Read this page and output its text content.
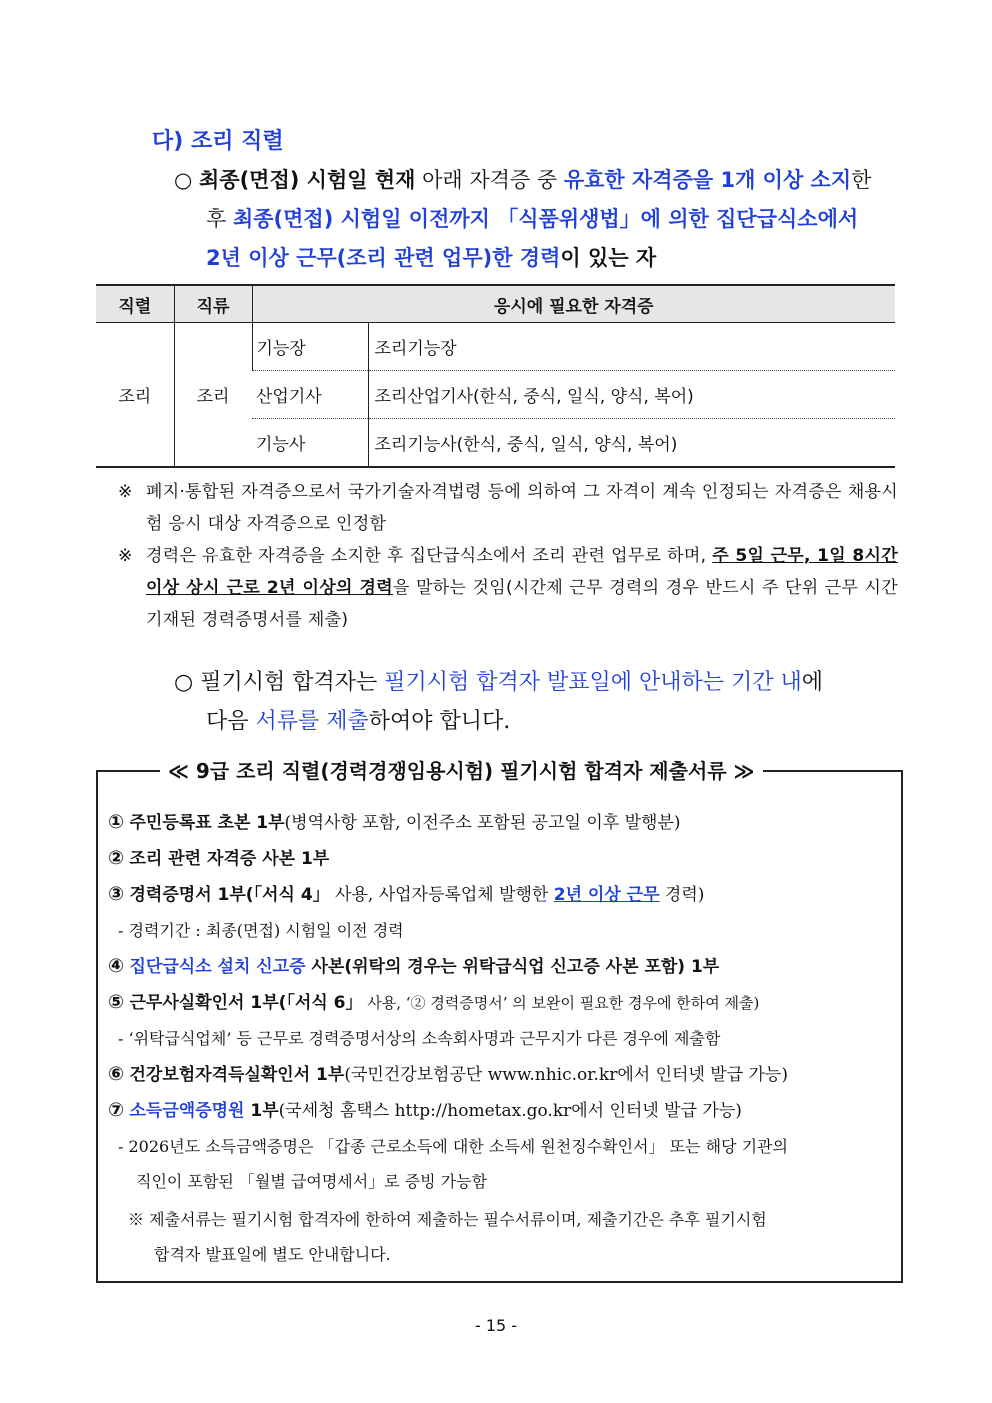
다) 조리 직렬
○ 최종(면접) 시험일 현재 아래 자격증 중 유효한 자격증을 1개 이상 소지한
후 최종(면접) 시험일 이전까지 「식품위생법」에 의한 집단급식소에서
2년 이상 근무(조리 관련 업무)한 경력이 있는 자
직렬	직류	응시에 필요한 자격증	
조리	조리	기능장	조리기능장
		산업기사	조리산업기사(한식, 중식, 일식, 양식, 복어)
		기능사	조리기능사(한식, 중식, 일식, 양식, 복어)
※ 폐지·통합된 자격증으로서 국가기술자격법령 등에 의하여 그 자격이 계속 인정되는 자격증은 채용시험 응시 대상 자격증으로 인정함
※ 경력은 유효한 자격증을 소지한 후 집단급식소에서 조리 관련 업무로 하며, 주 5일 근무, 1일 8시간 이상 상시 근로 2년 이상의 경력을 말하는 것임(시간제 근무 경력의 경우 반드시 주 단위 근무 시간 기재된 경력증명서를 제출)
○ 필기시험 합격자는 필기시험 합격자 발표일에 안내하는 기간 내에
다음 서류를 제출하여야 합니다.
≪ 9급 조리 직렬(경력경쟁임용시험) 필기시험 합격자 제출서류 ≫
① 주민등록표 초본 1부(병역사항 포함, 이전주소 포함된 공고일 이후 발행분)
② 조리 관련 자격증 사본 1부
③ 경력증명서 1부(「서식 4」 사용, 사업자등록업체 발행한 2년 이상 근무 경력)
- 경력기간 : 최종(면접) 시험일 이전 경력
④ 집단급식소 설치 신고증 사본(위탁의 경우는 위탁급식업 신고증 사본 포함) 1부
⑤ 근무사실확인서 1부(「서식 6」 사용, ‘② 경력증명서’ 의 보완이 필요한 경우에 한하여 제출)
- ‘위탁급식업체’ 등 근무로 경력증명서상의 소속회사명과 근무지가 다른 경우에 제출함
⑥ 건강보험자격득실확인서 1부(국민건강보험공단 www.nhic.or.kr에서 인터넷 발급 가능)
⑦ 소득금액증명원 1부(국세청 홈택스 http://hometax.go.kr에서 인터넷 발급 가능)
- 2026년도 소득금액증명은 「갑종 근로소득에 대한 소득세 원천징수확인서」 또는 해당 기관의
직인이 포함된 「월별 급여명세서」로 증빙 가능함
※ 제출서류는 필기시험 합격자에 한하여 제출하는 필수서류이며, 제출기간은 추후 필기시험
합격자 발표일에 별도 안내합니다.
- 15 -
